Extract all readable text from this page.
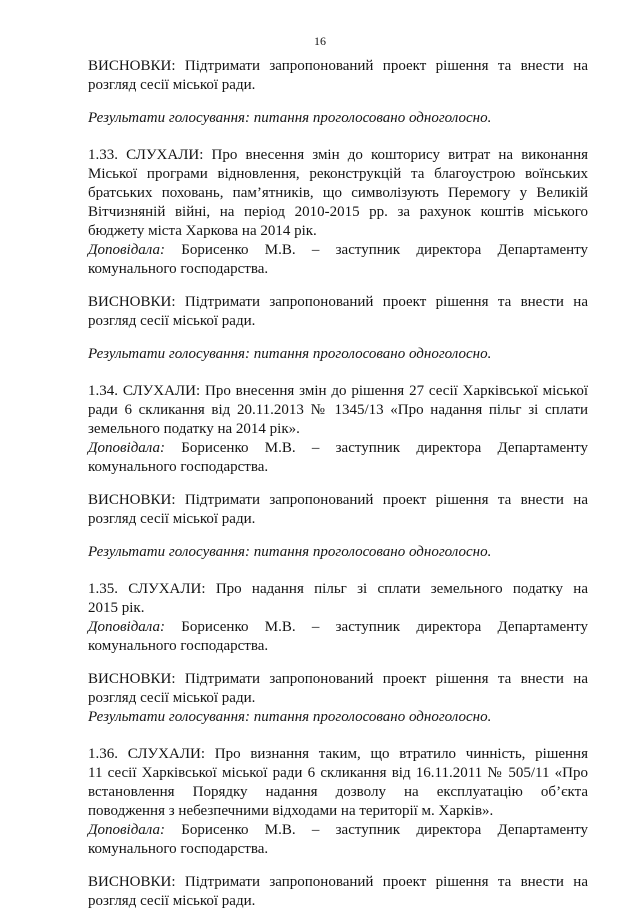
16
ВИСНОВКИ: Підтримати запропонований проект рішення та внести на
розгляд сесії міської ради.
Результати голосування: питання проголосовано одноголосно.
1.33. СЛУХАЛИ: Про внесення змін до кошторису витрат на виконання
Міської програми відновлення, реконструкцій та благоустрою воїнських
братських поховань, пам’ятників, що символізують Перемогу у Великій
Вітчизняній війні, на період 2010-2015 рр. за рахунок коштів міського
бюджету міста Харкова на 2014 рік.
Доповідала: Борисенко М.В. – заступник директора Департаменту
комунального господарства.
ВИСНОВКИ: Підтримати запропонований проект рішення та внести на
розгляд сесії міської ради.
Результати голосування: питання проголосовано одноголосно.
1.34. СЛУХАЛИ: Про внесення змін до рішення 27 сесії Харківської міської
ради 6 скликання від 20.11.2013 № 1345/13 «Про надання пільг зі сплати
земельного податку на 2014 рік».
Доповідала: Борисенко М.В. – заступник директора Департаменту
комунального господарства.
ВИСНОВКИ: Підтримати запропонований проект рішення та внести на
розгляд сесії міської ради.
Результати голосування: питання проголосовано одноголосно.
1.35. СЛУХАЛИ: Про надання пільг зі сплати земельного податку на
2015 рік.
Доповідала: Борисенко М.В. – заступник директора Департаменту
комунального господарства.
ВИСНОВКИ: Підтримати запропонований проект рішення та внести на
розгляд сесії міської ради.
Результати голосування: питання проголосовано одноголосно.
1.36. СЛУХАЛИ: Про визнання таким, що втратило чинність, рішення
11 сесії Харківської міської ради 6 скликання від 16.11.2011 № 505/11 «Про
встановлення Порядку надання дозволу на експлуатацію об’єкта
поводження з небезпечними відходами на території м. Харків».
Доповідала: Борисенко М.В. – заступник директора Департаменту
комунального господарства.
ВИСНОВКИ: Підтримати запропонований проект рішення та внести на
розгляд сесії міської ради.
